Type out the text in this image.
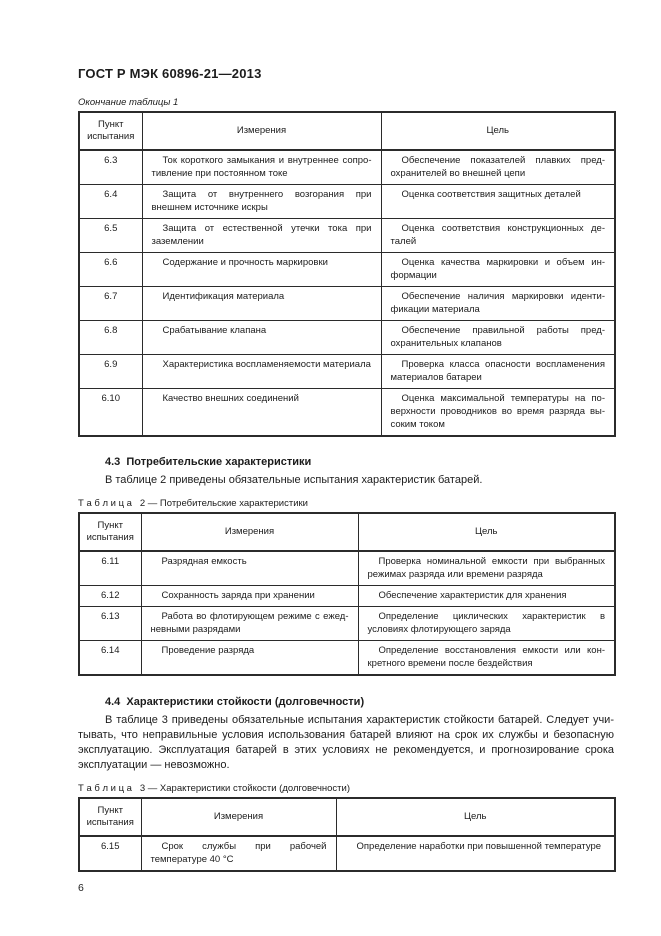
ГОСТ Р МЭК 60896-21—2013
Окончание таблицы 1
Пункт испытания	Измерения	Цель
6.3	Ток короткого замыкания и внутреннее сопротивление при постоянном токе	Обеспечение показателей плавких предохранителей во внешней цепи
6.4	Защита от внутреннего возгорания при внешнем источнике искры	Оценка соответствия защитных деталей
6.5	Защита от естественной утечки тока при заземлении	Оценка соответствия конструкционных деталей
6.6	Содержание и прочность маркировки	Оценка качества маркировки и объем информации
6.7	Идентификация материала	Обеспечение наличия маркировки идентификации материала
6.8	Срабатывание клапана	Обеспечение правильной работы предохранительных клапанов
6.9	Характеристика воспламеняемости материала	Проверка класса опасности воспламенения материалов батареи
6.10	Качество внешних соединений	Оценка максимальной температуры на поверхности проводников во время разряда высоким током
4.3  Потребительские характеристики

В таблице 2 приведены обязательные испытания характеристик батарей.

Т а б л и ц а   2 — Потребительские характеристики
Пункт испытания	Измерения	Цель
6.11	Разрядная емкость	Проверка номинальной емкости при выбранных режимах разряда или времени разряда
6.12	Сохранность заряда при хранении	Обеспечение характеристик для хранения
6.13	Работа во флотирующем режиме с ежедневными разрядами	Определение циклических характеристик в условиях флотирующего заряда
6.14	Проведение разряда	Определение восстановления емкости или конкретного времени после бездействия
4.4  Характеристики стойкости (долговечности)

В таблице 3 приведены обязательные испытания характеристик стойкости батарей. Следует учитывать, что неправильные условия использования батарей влияют на срок их службы и безопасную эксплуатацию. Эксплуатация батарей в этих условиях не рекомендуется, и прогнозирование срока эксплуатации — невозможно.

Т а б л и ц а   3 — Характеристики стойкости (долговечности)
Пункт испытания	Измерения	Цель
6.15	Срок службы при рабочей температуре 40 °С	Определение наработки при повышенной температуре
6
